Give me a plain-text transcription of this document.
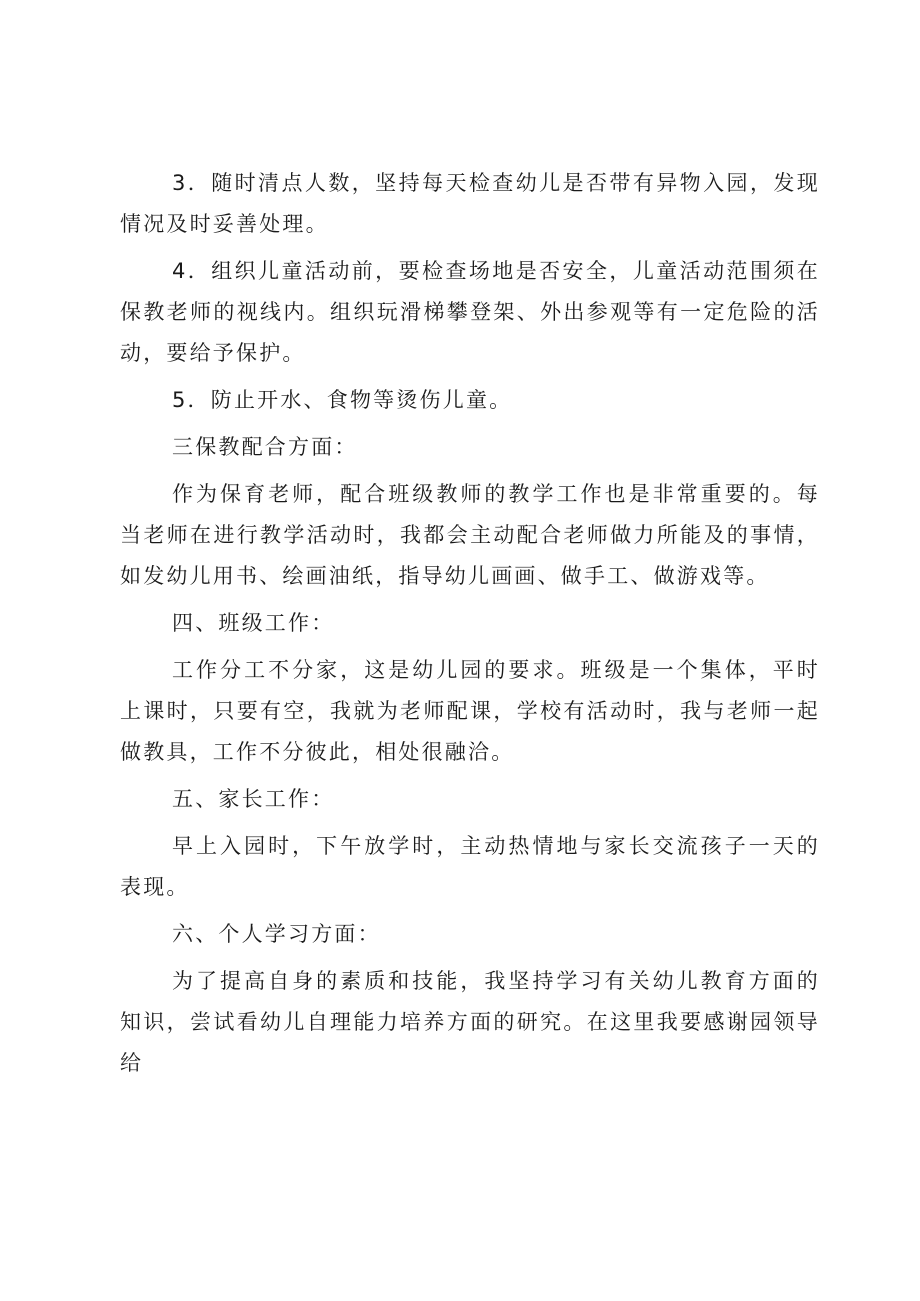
3．随时清点人数，坚持每天检查幼儿是否带有异物入园，发现情况及时妥善处理。

4．组织儿童活动前，要检查场地是否安全，儿童活动范围须在保教老师的视线内。组织玩滑梯攀登架、外出参观等有一定危险的活动，要给予保护。

5．防止开水、食物等烫伤儿童。

三保教配合方面：

作为保育老师，配合班级教师的教学工作也是非常重要的。每当老师在进行教学活动时，我都会主动配合老师做力所能及的事情，如发幼儿用书、绘画油纸，指导幼儿画画、做手工、做游戏等。

四、班级工作：

工作分工不分家，这是幼儿园的要求。班级是一个集体，平时上课时，只要有空，我就为老师配课，学校有活动时，我与老师一起做教具，工作不分彼此，相处很融洽。

五、家长工作：

早上入园时，下午放学时，主动热情地与家长交流孩子一天的表现。

六、个人学习方面：

为了提高自身的素质和技能，我坚持学习有关幼儿教育方面的知识，尝试看幼儿自理能力培养方面的研究。在这里我要感谢园领导给
